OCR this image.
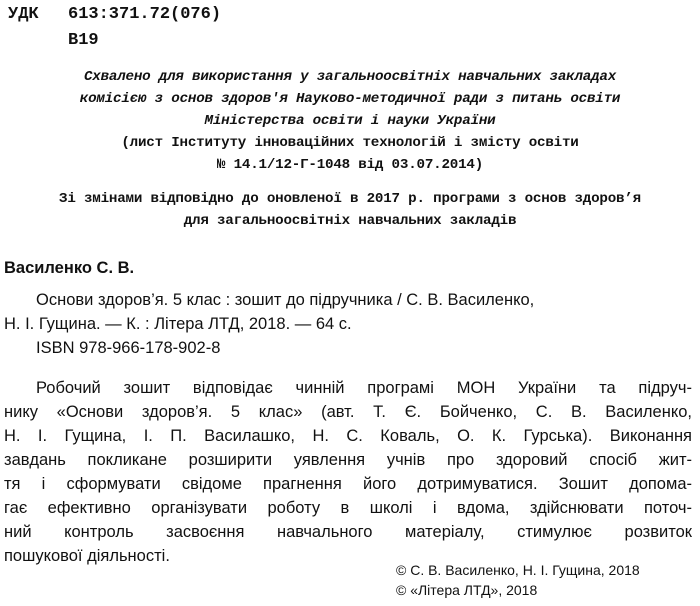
УДК 613:371.72(076)
В19
Схвалено для використання у загальноосвітніх навчальних закладах
комісією з основ здоров'я Науково-методичної ради з питань освіти
Міністерства освіти і науки України
(лист Інституту інноваційних технологій і змісту освіти
№ 14.1/12-Г-1048 від 03.07.2014)
Зі змінами відповідно до оновленої в 2017 р. програми з основ здоров’я
для загальноосвітніх навчальних закладів
Василенко С. В.
Основи здоров’я. 5 клас : зошит до підручника / С. В. Василенко,
Н. І. Гущина. — К. : Літера ЛТД, 2018. — 64 с.
ISBN 978-966-178-902-8
Робочий зошит відповідає чинній програмі МОН України та підруч-
нику «Основи здоров’я. 5 клас» (авт. Т. Є. Бойченко, С. В. Василенко,
Н. І. Гущина, І. П. Василашко, Н. С. Коваль, О. К. Гурська). Виконання
завдань покликане розширити уявлення учнів про здоровий спосіб жит-
тя і сформувати свідоме прагнення його дотримуватися. Зошит допома-
гає ефективно організувати роботу в школі і вдома, здійснювати поточ-
ний контроль засвоєння навчального матеріалу, стимулює розвиток
пошукової діяльності.
© С. В. Василенко, Н. І. Гущина, 2018
© «Літера ЛТД», 2018
